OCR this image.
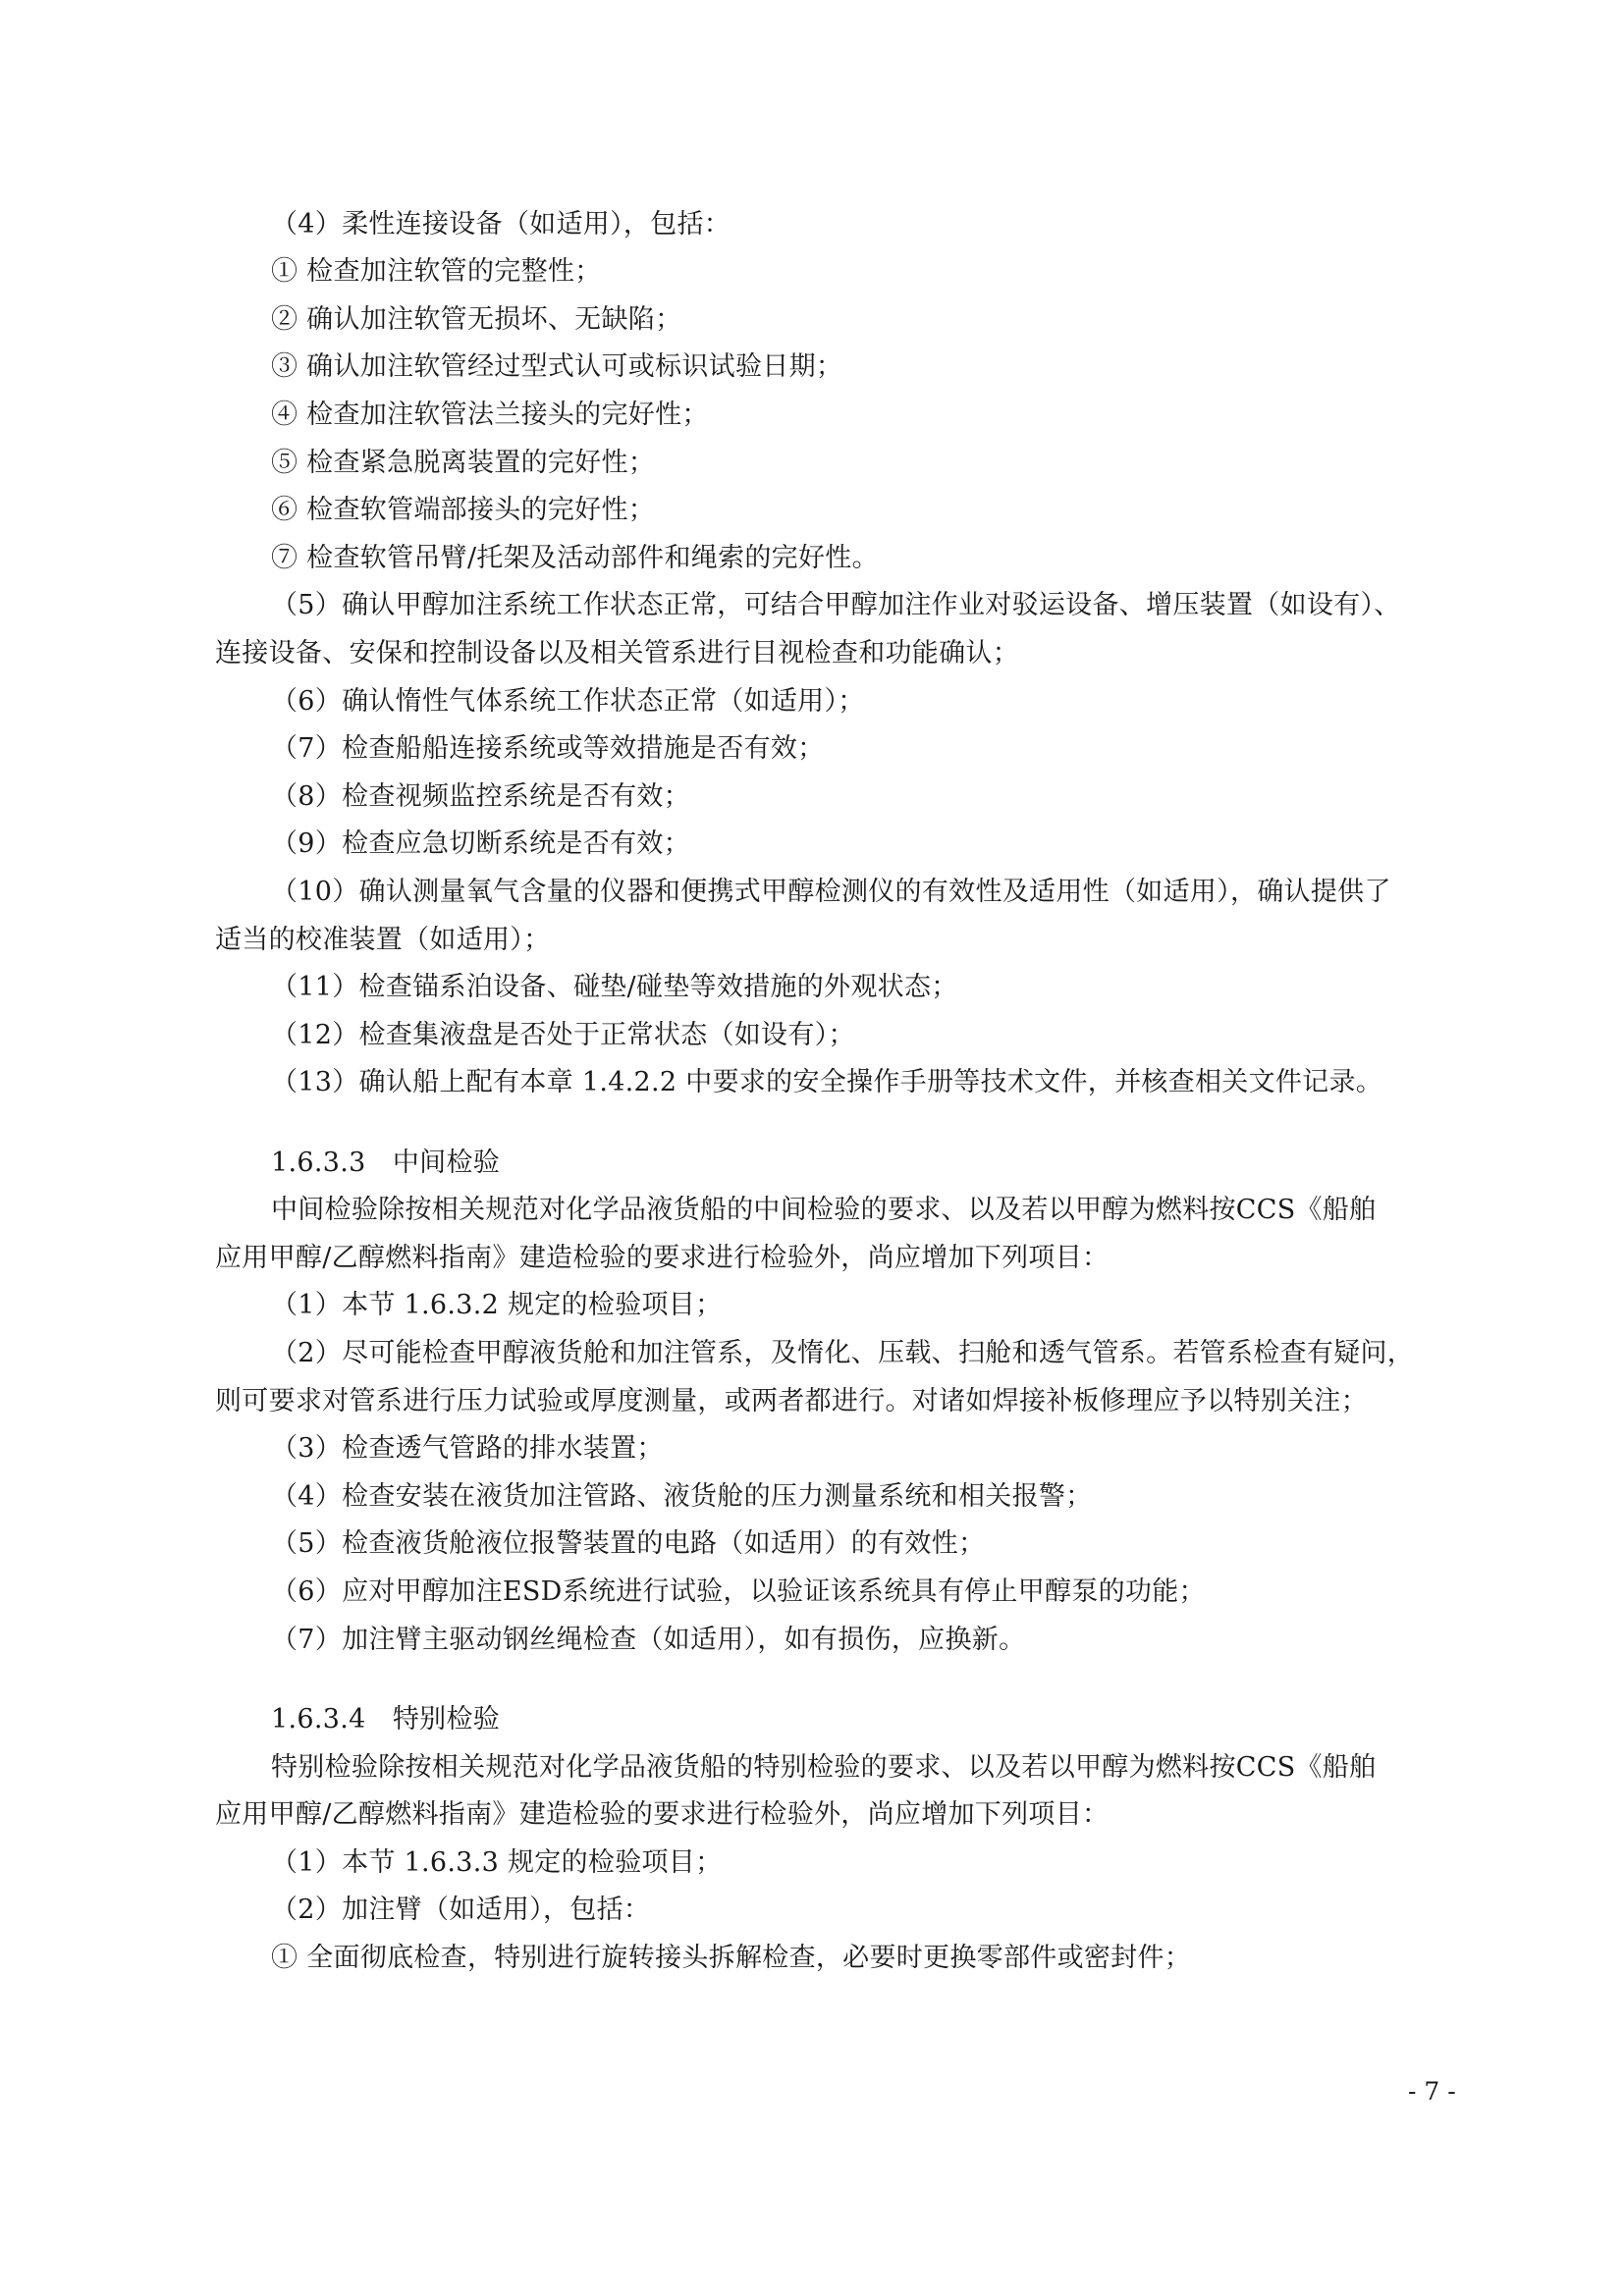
（4）柔性连接设备（如适用），包括：
① 检查加注软管的完整性；
② 确认加注软管无损坏、无缺陷；
③ 确认加注软管经过型式认可或标识试验日期；
④ 检查加注软管法兰接头的完好性；
⑤ 检查紧急脱离装置的完好性；
⑥ 检查软管端部接头的完好性；
⑦ 检查软管吊臂/托架及活动部件和绳索的完好性。
（5）确认甲醇加注系统工作状态正常，可结合甲醇加注作业对驳运设备、增压装置（如设有）、
连接设备、安保和控制设备以及相关管系进行目视检查和功能确认；
（6）确认惰性气体系统工作状态正常（如适用）；
（7）检查船船连接系统或等效措施是否有效；
（8）检查视频监控系统是否有效；
（9）检查应急切断系统是否有效；
（10）确认测量氧气含量的仪器和便携式甲醇检测仪的有效性及适用性（如适用），确认提供了
适当的校准装置（如适用）；
（11）检查锚系泊设备、碰垫/碰垫等效措施的外观状态；
（12）检查集液盘是否处于正常状态（如设有）；
（13）确认船上配有本章 1.4.2.2 中要求的安全操作手册等技术文件，并核查相关文件记录。
1.6.3.3　中间检验
中间检验除按相关规范对化学品液货船的中间检验的要求、以及若以甲醇为燃料按CCS《船舶
应用甲醇/乙醇燃料指南》建造检验的要求进行检验外，尚应增加下列项目：
（1）本节 1.6.3.2 规定的检验项目；
（2）尽可能检查甲醇液货舱和加注管系，及惰化、压载、扫舱和透气管系。若管系检查有疑问，
则可要求对管系进行压力试验或厚度测量，或两者都进行。对诸如焊接补板修理应予以特别关注；
（3）检查透气管路的排水装置；
（4）检查安装在液货加注管路、液货舱的压力测量系统和相关报警；
（5）检查液货舱液位报警装置的电路（如适用）的有效性；
（6）应对甲醇加注ESD系统进行试验，以验证该系统具有停止甲醇泵的功能；
（7）加注臂主驱动钢丝绳检查（如适用），如有损伤，应换新。
1.6.3.4　特别检验
特别检验除按相关规范对化学品液货船的特别检验的要求、以及若以甲醇为燃料按CCS《船舶
应用甲醇/乙醇燃料指南》建造检验的要求进行检验外，尚应增加下列项目：
（1）本节 1.6.3.3 规定的检验项目；
（2）加注臂（如适用），包括：
① 全面彻底检查，特别进行旋转接头拆解检查，必要时更换零部件或密封件；
- 7 -
